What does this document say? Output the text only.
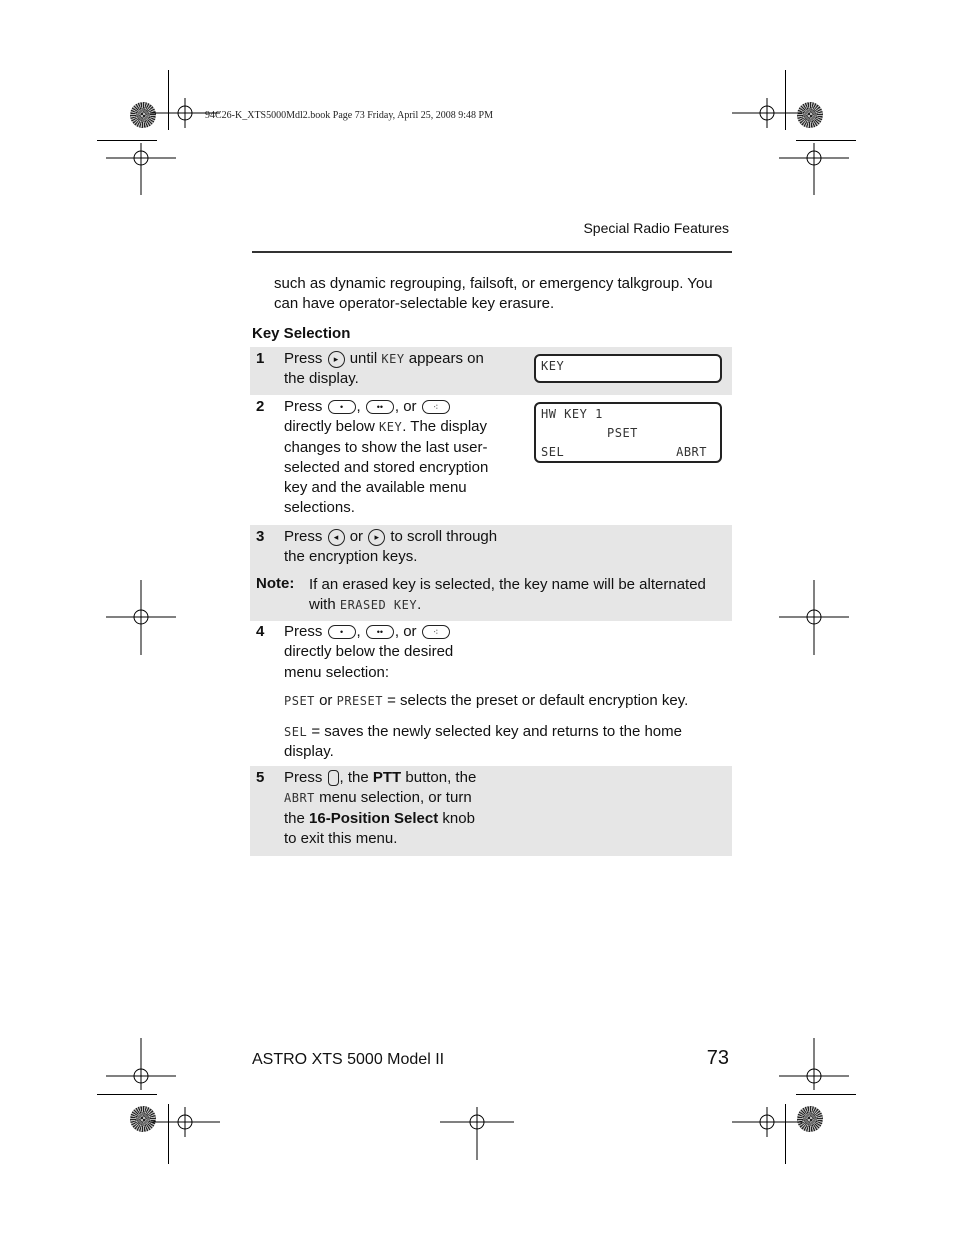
94C26-K_XTS5000Mdl2.book Page 73 Friday, April 25, 2008 9:48 PM
Special Radio Features
such as dynamic regrouping, failsoft, or emergency talkgroup. You can have operator-selectable key erasure.
Key Selection
1 Press ▸ until KEY appears on the display.
KEY
2 Press • , •• , or ⁖ directly below KEY. The display changes to show the last user-selected and stored encryption key and the available menu selections.
HW KEY 1
PSET
SEL	ABRT
3 Press ◂ or ▸ to scroll through the encryption keys.
Note: If an erased key is selected, the key name will be alternated with ERASED KEY.
4 Press • , •• , or ⁖ directly below the desired menu selection:
PSET or PRESET = selects the preset or default encryption key.
SEL = saves the newly selected key and returns to the home display.
5 Press , the PTT button, the ABRT menu selection, or turn the 16-Position Select knob to exit this menu.
ASTRO XTS 5000 Model II	73
